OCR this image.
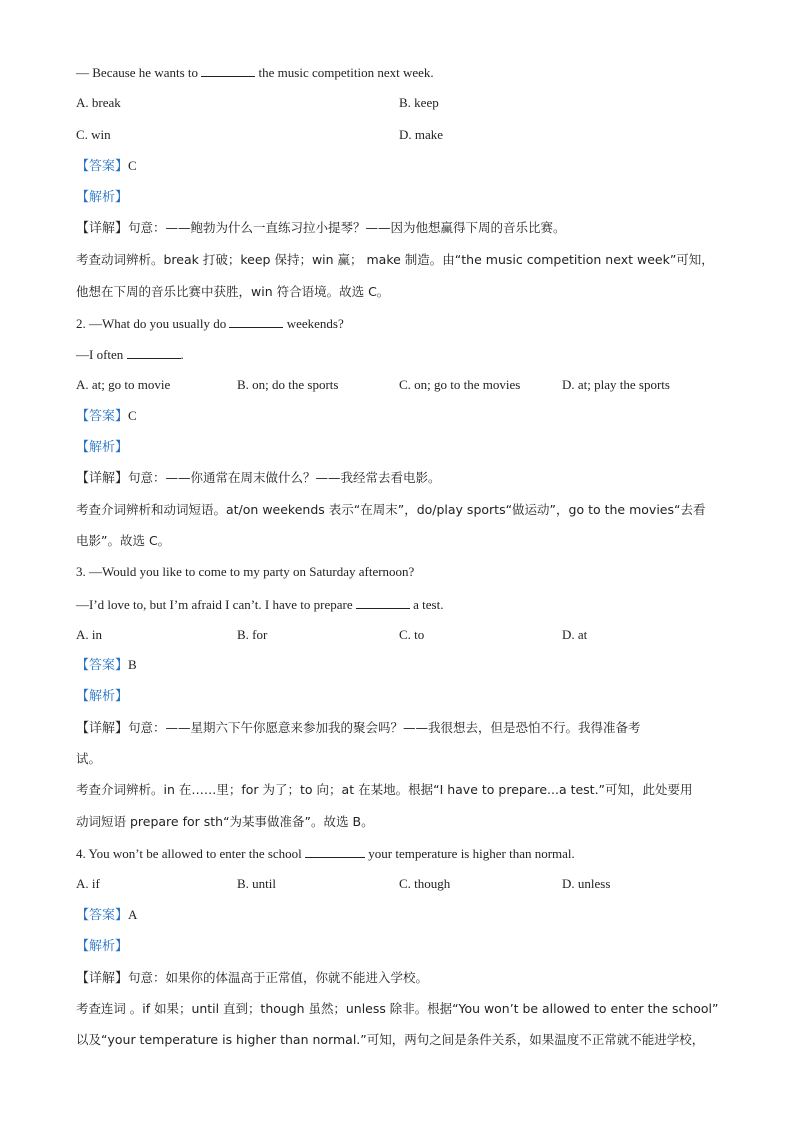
— Because he wants to	the music competition next week.
A. break	B. keep
C. win	D. make
【答案】C
【解析】
【详解】句意：——鲍勃为什么一直练习拉小提琴？——因为他想赢得下周的音乐比赛。
考查动词辨析。break 打破；keep 保持；win 赢； make 制造。由“the music competition next week”可知，
他想在下周的音乐比赛中获胜，win 符合语境。故选 C。
2. —What do you usually do	weekends?
—I often	.
A. at; go to movie	B. on; do the sports	C. on; go to the movies	D. at; play the sports
【答案】C
【解析】
【详解】句意：——你通常在周末做什么？——我经常去看电影。
考查介词辨析和动词短语。at/on weekends 表示“在周末”，do/play sports“做运动”，go to the movies“去看
电影”。故选 C。
3. —Would you like to come to my party on Saturday afternoon?
—I’d love to, but I’m afraid I can’t. I have to prepare	a test.
A. in	B. for	C. to	D. at
【答案】B
【解析】
【详解】句意：——星期六下午你愿意来参加我的聚会吗？——我很想去，但是恐怕不行。我得准备考
试。
考查介词辨析。in 在……里；for 为了；to 向；at 在某地。根据“I have to prepare...a test.”可知，此处要用
动词短语 prepare for sth“为某事做准备”。故选 B。
4. You won’t be allowed to enter the school	your temperature is higher than normal.
A. if	B. until	C. though	D. unless
【答案】A
【解析】
【详解】句意：如果你的体温高于正常值，你就不能进入学校。
考查连词 。if 如果；until 直到；though 虽然；unless 除非。根据“You won’t be allowed to enter the school”
以及“your temperature is higher than normal.”可知，两句之间是条件关系，如果温度不正常就不能进学校，
